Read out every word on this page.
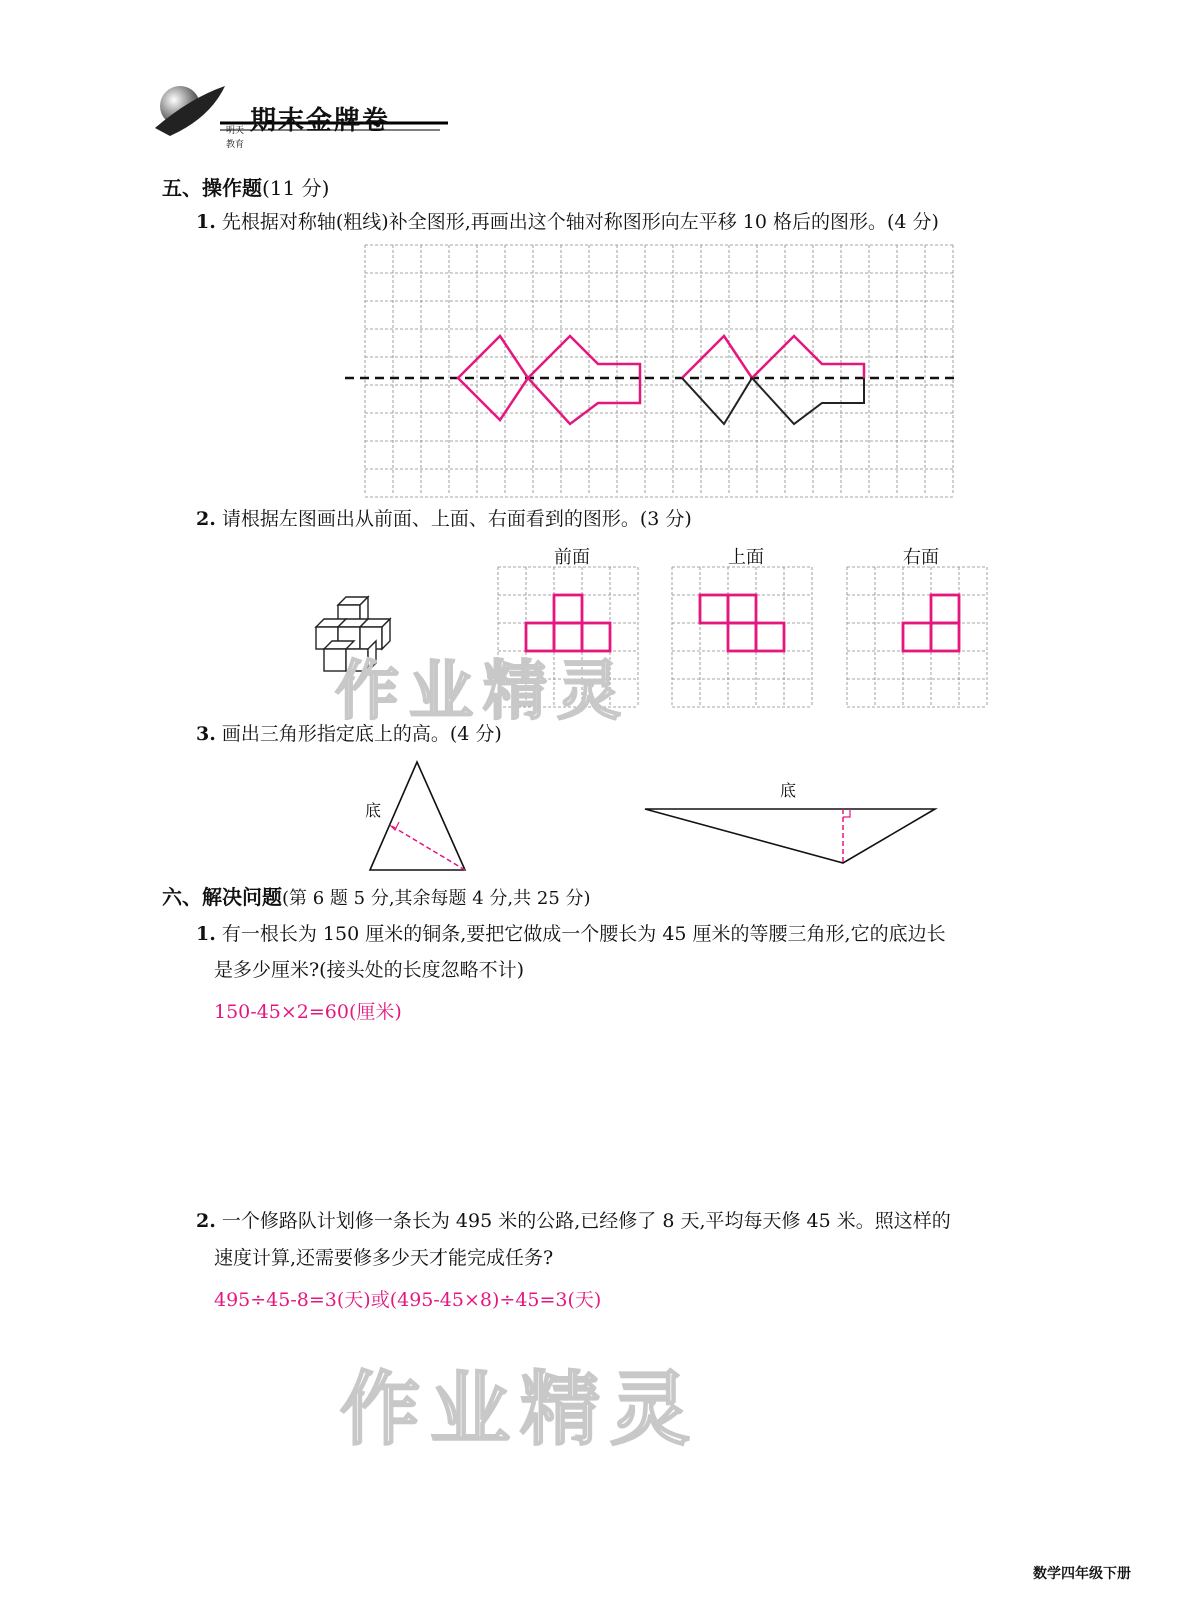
期末金牌卷
明天
教育
五、操作题(11 分)
1. 先根据对称轴(粗线)补全图形,再画出这个轴对称图形向左平移 10 格后的图形。(4 分)
2. 请根据左图画出从前面、上面、右面看到的图形。(3 分)
前面	上面	右面
作业精灵
3. 画出三角形指定底上的高。(4 分)
底
底
六、解决问题(第 6 题 5 分,其余每题 4 分,共 25 分)
1. 有一根长为 150 厘米的铜条,要把它做成一个腰长为 45 厘米的等腰三角形,它的底边长
是多少厘米?(接头处的长度忽略不计)
150-45×2=60(厘米)
2. 一个修路队计划修一条长为 495 米的公路,已经修了 8 天,平均每天修 45 米。照这样的
速度计算,还需要修多少天才能完成任务?
495÷45-8=3(天)或(495-45×8)÷45=3(天)
作业精灵
数学四年级下册
